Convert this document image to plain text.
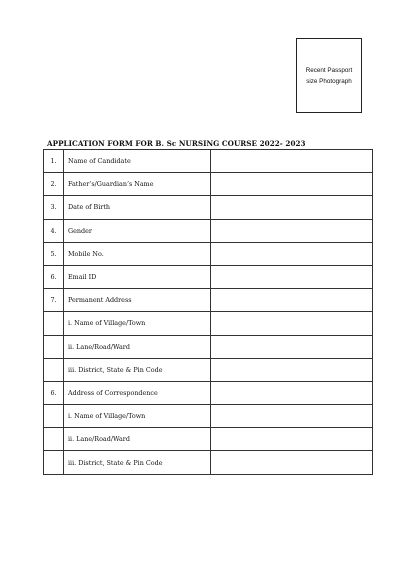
Recent Passport
size Photograph
APPLICATION FORM FOR B. Sc NURSING COURSE 2022- 2023
1.	Name of Candidate	
2.	Father’s/Guardian’s Name	
3.	Date of Birth	
4.	Gender	
5.	Mobile No.	
6.	Email ID	
7.	Permanent Address	
	i. Name of Village/Town	
	ii. Lane/Road/Ward	
	iii. District, State & Pin Code	
6.	Address of Correspondence	
	i. Name of Village/Town	
	ii. Lane/Road/Ward	
	iii. District, State & Pin Code	
